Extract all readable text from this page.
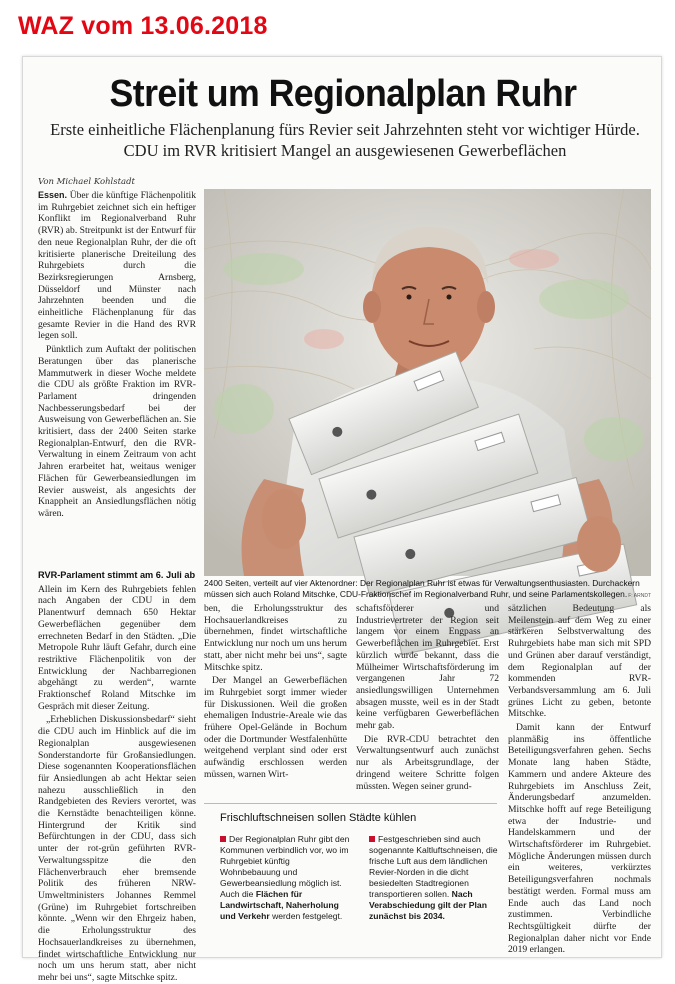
WAZ vom 13.06.2018
Streit um Regionalplan Ruhr
Erste einheitliche Flächenplanung fürs Revier seit Jahrzehnten steht vor wichtiger Hürde. CDU im RVR kritisiert Mangel an ausgewiesenen Gewerbeflächen
Von Michael Kohlstadt

Essen. Über die künftige Flächenpolitik im Ruhrgebiet zeichnet sich ein heftiger Konflikt im Regionalverband Ruhr (RVR) ab. Streitpunkt ist der Entwurf für den neue Regionalplan Ruhr, der die oft kritisierte planerische Dreiteilung des Ruhrgebiets durch die Bezirksregierungen Arnsberg, Düsseldorf und Münster nach Jahrzehnten beenden und die einheitliche Flächenplanung für das gesamte Revier in die Hand des RVR legen soll.

Pünktlich zum Auftakt der politischen Beratungen über das planerische Mammutwerk in dieser Woche meldete die CDU als größte Fraktion im RVR-Parlament dringenden Nachbesserungsbedarf bei der Ausweisung von Gewerbeflächen an. Sie kritisiert, dass der 2400 Seiten starke Regionalplan-Entwurf, den die RVR-Verwaltung in einem Zeitraum von acht Jahren erarbeitet hat, weitaus weniger Flächen für Gewerbeansiedlungen im Revier ausweist, als angesichts der Knappheit an Ansiedlungsflächen nötig wären.

RVR-Parlament stimmt am 6. Juli ab

Allein im Kern des Ruhrgebiets fehlen nach Angaben der CDU in dem Planentwurf demnach 650 Hektar Gewerbeflächen gegenüber dem errechneten Bedarf in den Städten. „Die Metropole Ruhr läuft Gefahr, durch eine restriktive Flächenpolitik von der Entwicklung der Nachbarregionen abgehängt zu werden“, warnte Fraktionschef Roland Mitschke im Gespräch mit dieser Zeitung.

„Erheblichen Diskussionsbedarf“ sieht die CDU auch im Hinblick auf die im Regionalplan ausgewiesenen Sonderstandorte für Großansiedlungen. Diese sogenannten Kooperationsflächen für Ansiedlungen ab acht Hektar seien nahezu ausschließlich in den Randgebieten des Reviers verortet, was die Kernstädte benachteiligen könne. Hintergrund der Kritik sind Befürchtungen in der CDU, dass sich unter der rot-grün geführten RVR-Verwaltungsspitze die den Flächenverbrauch eher bremsende Politik des früheren NRW-Umweltministers Johannes Remmel (Grüne) im Ruhrgebiet fortschreiben könnte. „Wenn wir den Ehrgeiz haben, die Erholungsstruktur des Hochsauerlandkreises zu übernehmen, findet wirtschaftliche Entwicklung nur noch um uns herum statt, aber nicht mehr bei uns“, sagte Mitschke spitz.

2400 Seiten, verteilt auf vier Aktenordner: Der Regionalplan Ruhr ist etwas für Verwaltungsenthusiasten. Durchackern müssen sich auch Roland Mitschke, CDU-Fraktionschef im Regionalverband Ruhr, und seine Parlamentskollegen. F: ARNDT

ben, die Erholungsstruktur des Hochsauerlandkreises zu übernehmen, findet wirtschaftliche Entwicklung nur noch um uns herum statt, aber nicht mehr bei uns“, sagte Mitschke spitz.

Der Mangel an Gewerbeflächen im Ruhrgebiet sorgt immer wieder für Diskussionen. Weil die großen ehemaligen Industrie-Areale wie das frühere Opel-Gelände in Bochum oder die Dortmunder Westfalenhütte weitgehend verplant sind oder erst aufwändig erschlossen werden müssen, warnen Wirt-

schaftsförderer und Industrievertreter der Region seit langem vor einem Engpass an Gewerbeflächen im Ruhrgebiet. Erst kürzlich wurde bekannt, dass die Mülheimer Wirtschaftsförderung im vergangenen Jahr 72 ansiedlungswilligen Unternehmen absagen musste, weil es in der Stadt keine verfügbaren Gewerbeflächen mehr gab.

Die RVR-CDU betrachtet den Verwaltungsentwurf auch zunächst nur als Arbeitsgrundlage, der dringend weitere Schritte folgen müssten. Wegen seiner grund-

sätzlichen Bedeutung als Meilenstein auf dem Weg zu einer stärkeren Selbstverwaltung des Ruhrgebiets habe man sich mit SPD und Grünen aber darauf verständigt, dem Regionalplan auf der kommenden RVR-Verbandsversammlung am 6. Juli grünes Licht zu geben, betonte Mitschke.

Damit kann der Entwurf planmäßig ins öffentliche Beteiligungsverfahren gehen. Sechs Monate lang haben Städte, Kammern und andere Akteure des Ruhrgebiets im Anschluss Zeit, Änderungsbedarf anzumelden. Mitschke hofft auf rege Beteiligung etwa der Industrie- und Handelskammern und der Wirtschaftsförderer im Ruhrgebiet. Mögliche Änderungen müssen durch ein weiteres, verkürztes Beteiligungsverfahren nochmals bestätigt werden. Formal muss am Ende auch das Land noch zustimmen. Verbindliche Rechtsgültigkeit dürfte der Regionalplan daher nicht vor Ende 2019 erlangen.

Frischluftschneisen sollen Städte kühlen
Der Regionalplan Ruhr gibt den Kommunen verbindlich vor, wo im Ruhrgebiet künftig Wohnbebauung und Gewerbeansiedlung möglich ist. Auch die Flächen für Landwirtschaft, Naherholung und Verkehr werden festgelegt.
Festgeschrieben sind auch sogenannte Kaltluftschneisen, die frische Luft aus dem ländlichen Revier-Norden in die dicht besiedelten Stadtregionen transportieren sollen. Nach Verabschiedung gilt der Plan zunächst bis 2034.
